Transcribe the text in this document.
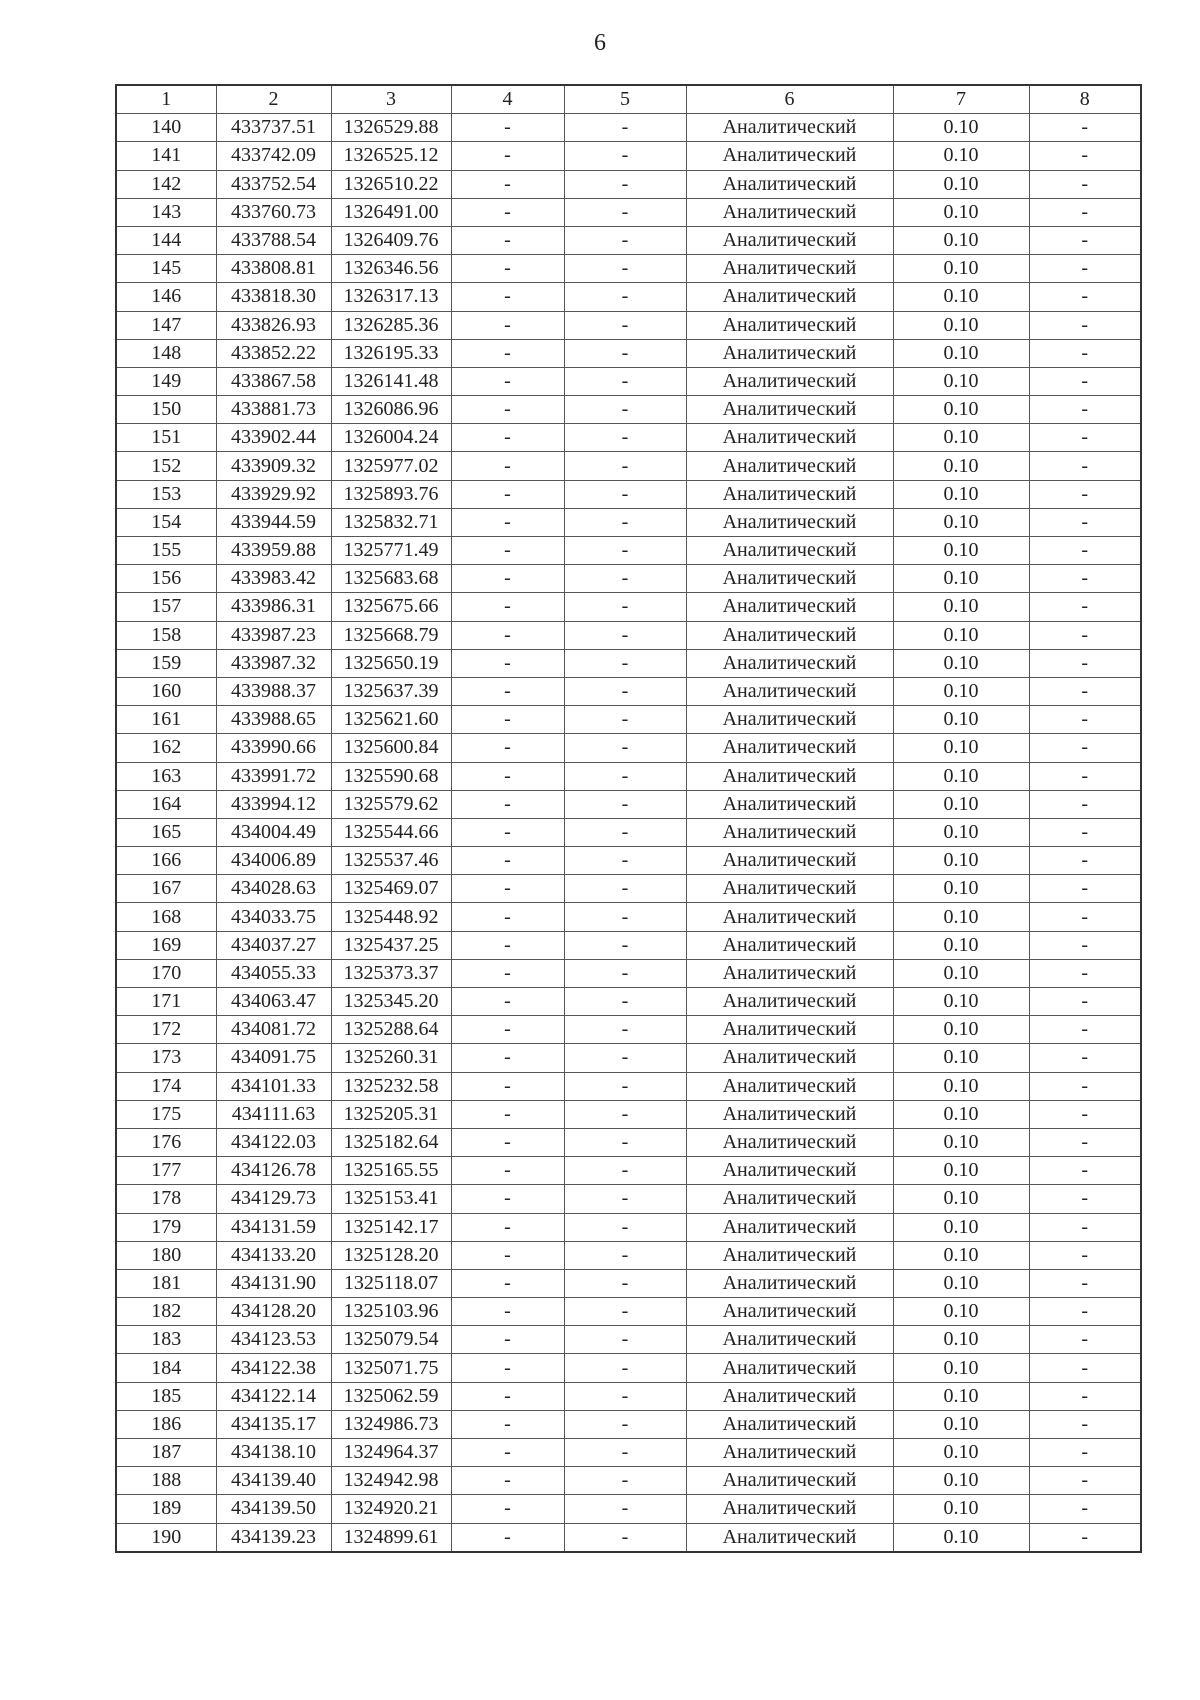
6
1	2	3	4	5	6	7	8
140	433737.51	1326529.88	-	-	Аналитический	0.10	-
141	433742.09	1326525.12	-	-	Аналитический	0.10	-
142	433752.54	1326510.22	-	-	Аналитический	0.10	-
143	433760.73	1326491.00	-	-	Аналитический	0.10	-
144	433788.54	1326409.76	-	-	Аналитический	0.10	-
145	433808.81	1326346.56	-	-	Аналитический	0.10	-
146	433818.30	1326317.13	-	-	Аналитический	0.10	-
147	433826.93	1326285.36	-	-	Аналитический	0.10	-
148	433852.22	1326195.33	-	-	Аналитический	0.10	-
149	433867.58	1326141.48	-	-	Аналитический	0.10	-
150	433881.73	1326086.96	-	-	Аналитический	0.10	-
151	433902.44	1326004.24	-	-	Аналитический	0.10	-
152	433909.32	1325977.02	-	-	Аналитический	0.10	-
153	433929.92	1325893.76	-	-	Аналитический	0.10	-
154	433944.59	1325832.71	-	-	Аналитический	0.10	-
155	433959.88	1325771.49	-	-	Аналитический	0.10	-
156	433983.42	1325683.68	-	-	Аналитический	0.10	-
157	433986.31	1325675.66	-	-	Аналитический	0.10	-
158	433987.23	1325668.79	-	-	Аналитический	0.10	-
159	433987.32	1325650.19	-	-	Аналитический	0.10	-
160	433988.37	1325637.39	-	-	Аналитический	0.10	-
161	433988.65	1325621.60	-	-	Аналитический	0.10	-
162	433990.66	1325600.84	-	-	Аналитический	0.10	-
163	433991.72	1325590.68	-	-	Аналитический	0.10	-
164	433994.12	1325579.62	-	-	Аналитический	0.10	-
165	434004.49	1325544.66	-	-	Аналитический	0.10	-
166	434006.89	1325537.46	-	-	Аналитический	0.10	-
167	434028.63	1325469.07	-	-	Аналитический	0.10	-
168	434033.75	1325448.92	-	-	Аналитический	0.10	-
169	434037.27	1325437.25	-	-	Аналитический	0.10	-
170	434055.33	1325373.37	-	-	Аналитический	0.10	-
171	434063.47	1325345.20	-	-	Аналитический	0.10	-
172	434081.72	1325288.64	-	-	Аналитический	0.10	-
173	434091.75	1325260.31	-	-	Аналитический	0.10	-
174	434101.33	1325232.58	-	-	Аналитический	0.10	-
175	434111.63	1325205.31	-	-	Аналитический	0.10	-
176	434122.03	1325182.64	-	-	Аналитический	0.10	-
177	434126.78	1325165.55	-	-	Аналитический	0.10	-
178	434129.73	1325153.41	-	-	Аналитический	0.10	-
179	434131.59	1325142.17	-	-	Аналитический	0.10	-
180	434133.20	1325128.20	-	-	Аналитический	0.10	-
181	434131.90	1325118.07	-	-	Аналитический	0.10	-
182	434128.20	1325103.96	-	-	Аналитический	0.10	-
183	434123.53	1325079.54	-	-	Аналитический	0.10	-
184	434122.38	1325071.75	-	-	Аналитический	0.10	-
185	434122.14	1325062.59	-	-	Аналитический	0.10	-
186	434135.17	1324986.73	-	-	Аналитический	0.10	-
187	434138.10	1324964.37	-	-	Аналитический	0.10	-
188	434139.40	1324942.98	-	-	Аналитический	0.10	-
189	434139.50	1324920.21	-	-	Аналитический	0.10	-
190	434139.23	1324899.61	-	-	Аналитический	0.10	-
